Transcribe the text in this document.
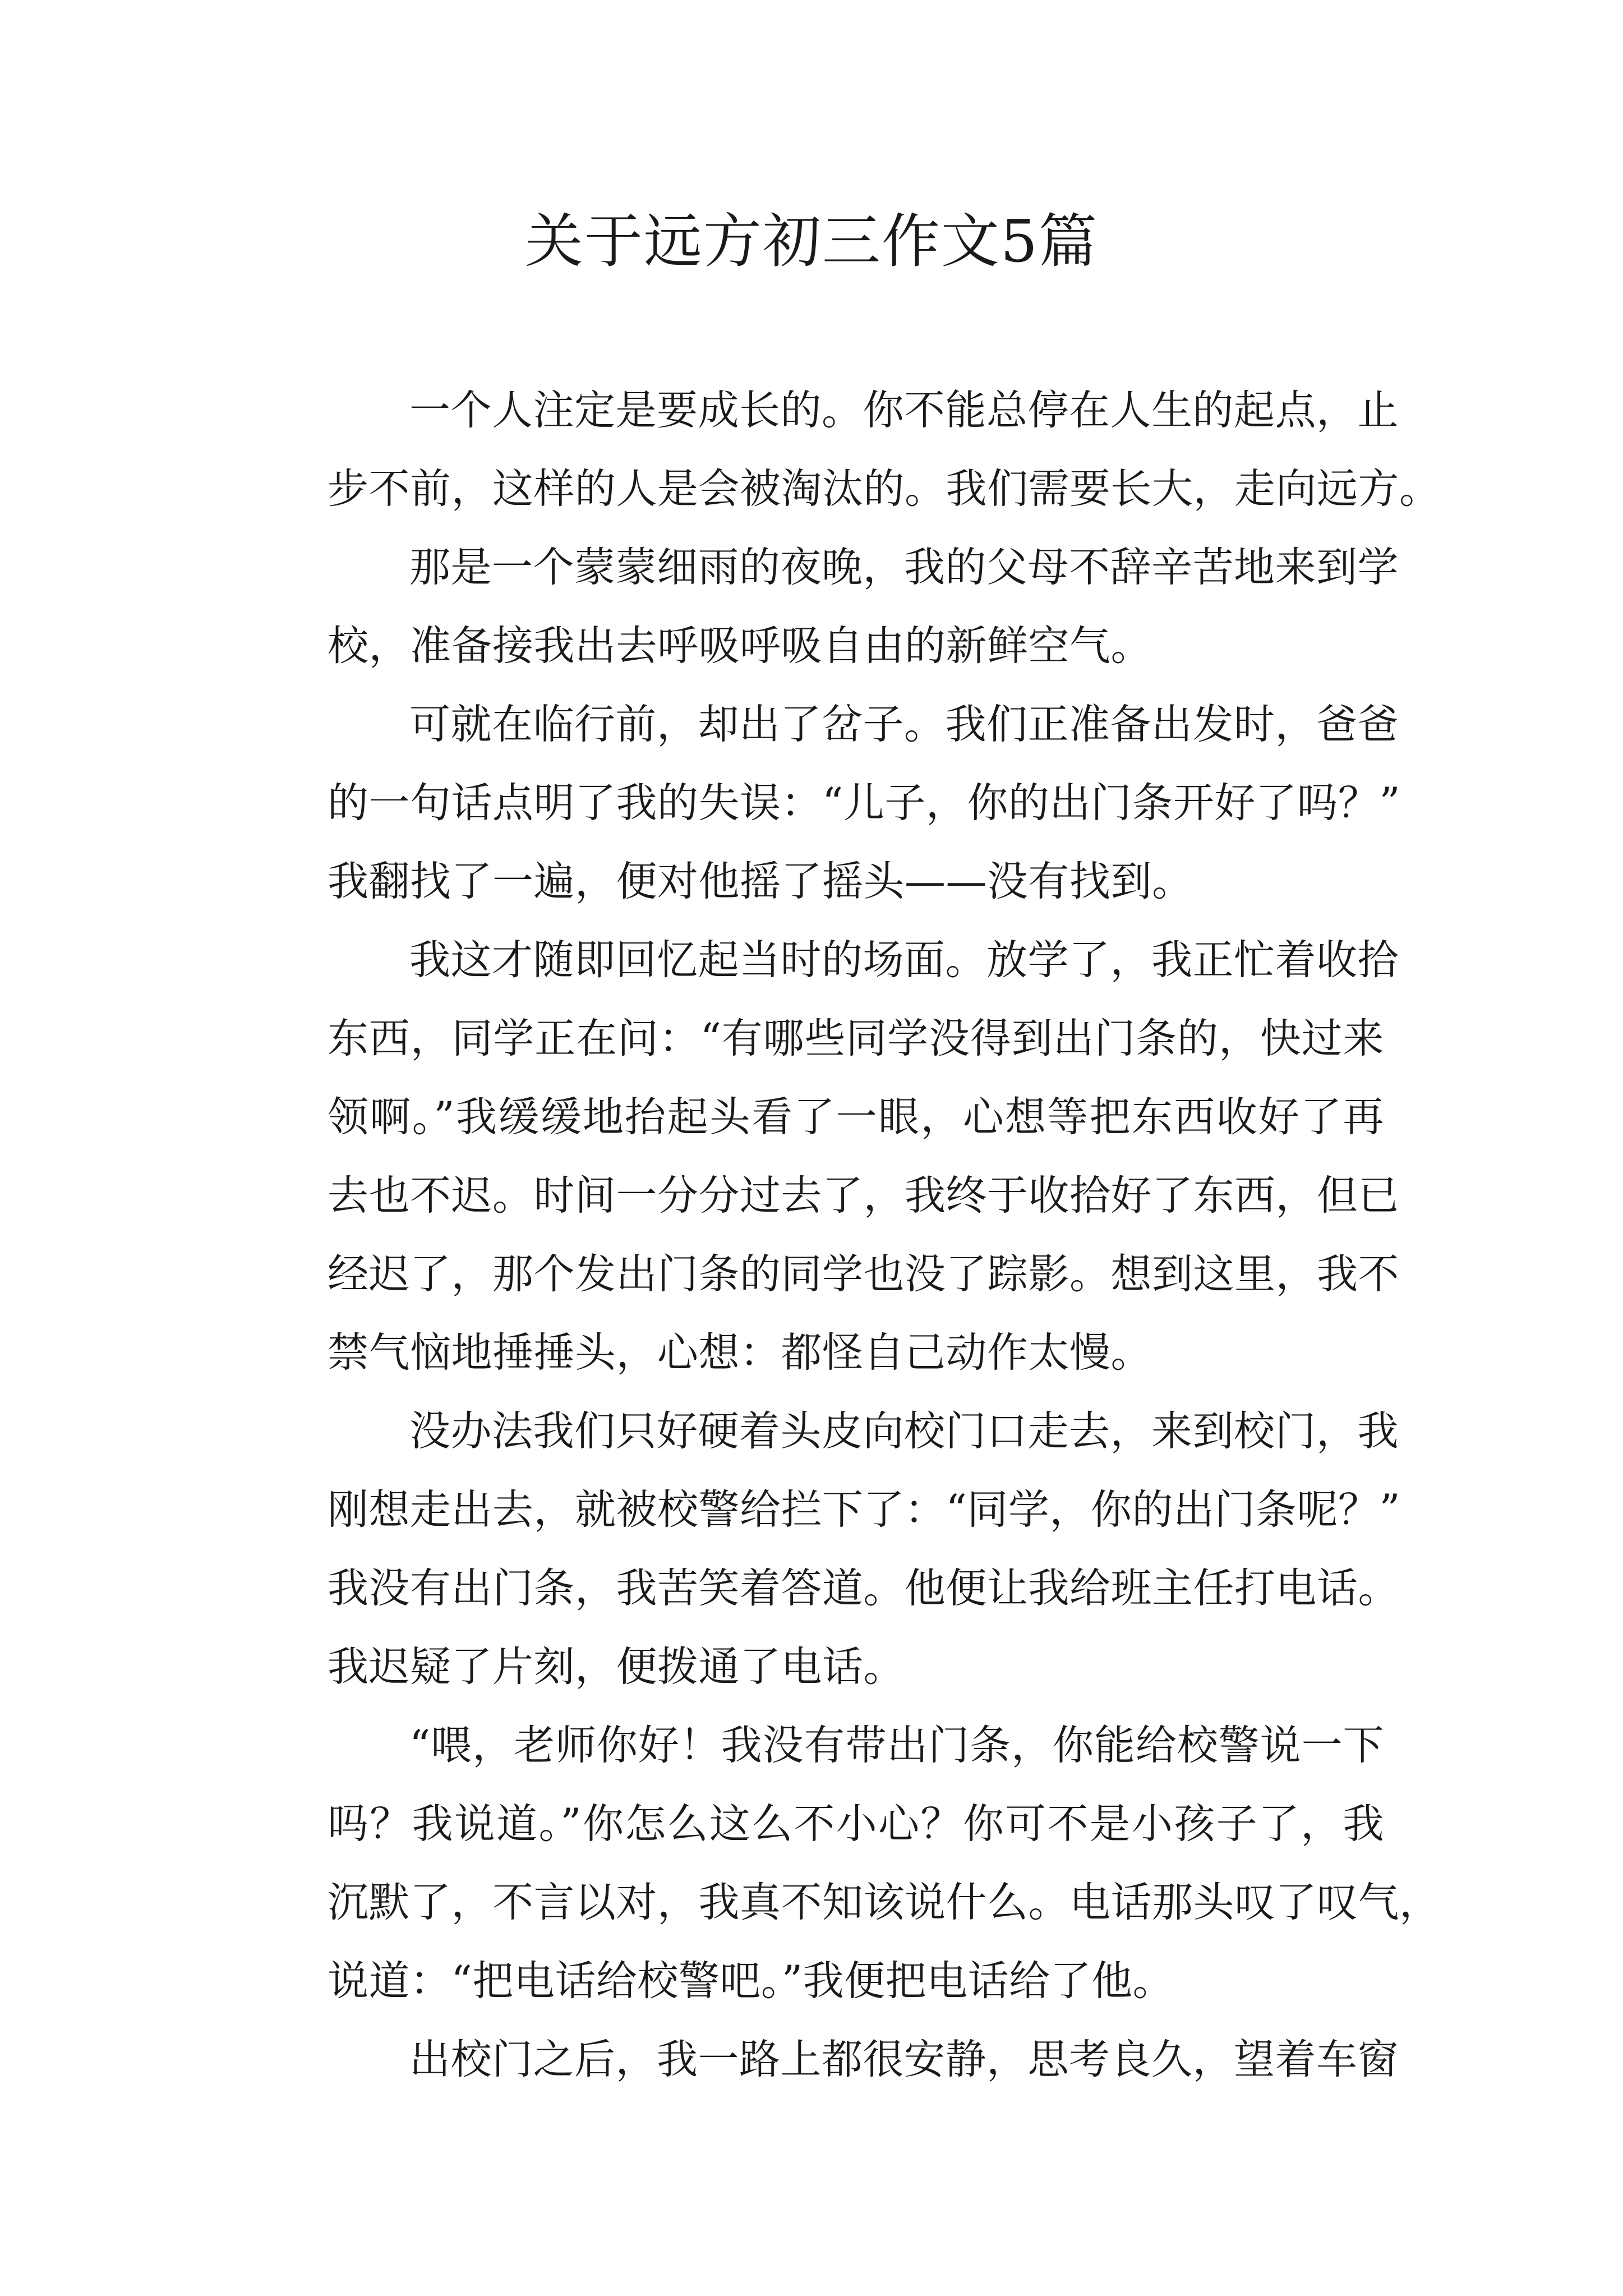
关于远方初三作文5篇

一个人注定是要成长的。你不能总停在人生的起点，止
步不前，这样的人是会被淘汰的。我们需要长大，走向远方。

那是一个蒙蒙细雨的夜晚，我的父母不辞辛苦地来到学
校，准备接我出去呼吸呼吸自由的新鲜空气。

可就在临行前，却出了岔子。我们正准备出发时，爸爸
的一句话点明了我的失误：“儿子，你的出门条开好了吗？”
我翻找了一遍，便对他摇了摇头——没有找到。

我这才随即回忆起当时的场面。放学了，我正忙着收拾
东西，同学正在问：“有哪些同学没得到出门条的，快过来
领啊。”我缓缓地抬起头看了一眼，心想等把东西收好了再
去也不迟。时间一分分过去了，我终于收拾好了东西，但已
经迟了，那个发出门条的同学也没了踪影。想到这里，我不
禁气恼地捶捶头，心想：都怪自己动作太慢。

没办法我们只好硬着头皮向校门口走去，来到校门，我
刚想走出去，就被校警给拦下了：“同学，你的出门条呢？”
我没有出门条，我苦笑着答道。他便让我给班主任打电话。
我迟疑了片刻，便拨通了电话。

“喂，老师你好！我没有带出门条，你能给校警说一下
吗？我说道。”你怎么这么不小心？你可不是小孩子了，我
沉默了，不言以对，我真不知该说什么。电话那头叹了叹气，
说道：“把电话给校警吧。”我便把电话给了他。

出校门之后，我一路上都很安静，思考良久，望着车窗
